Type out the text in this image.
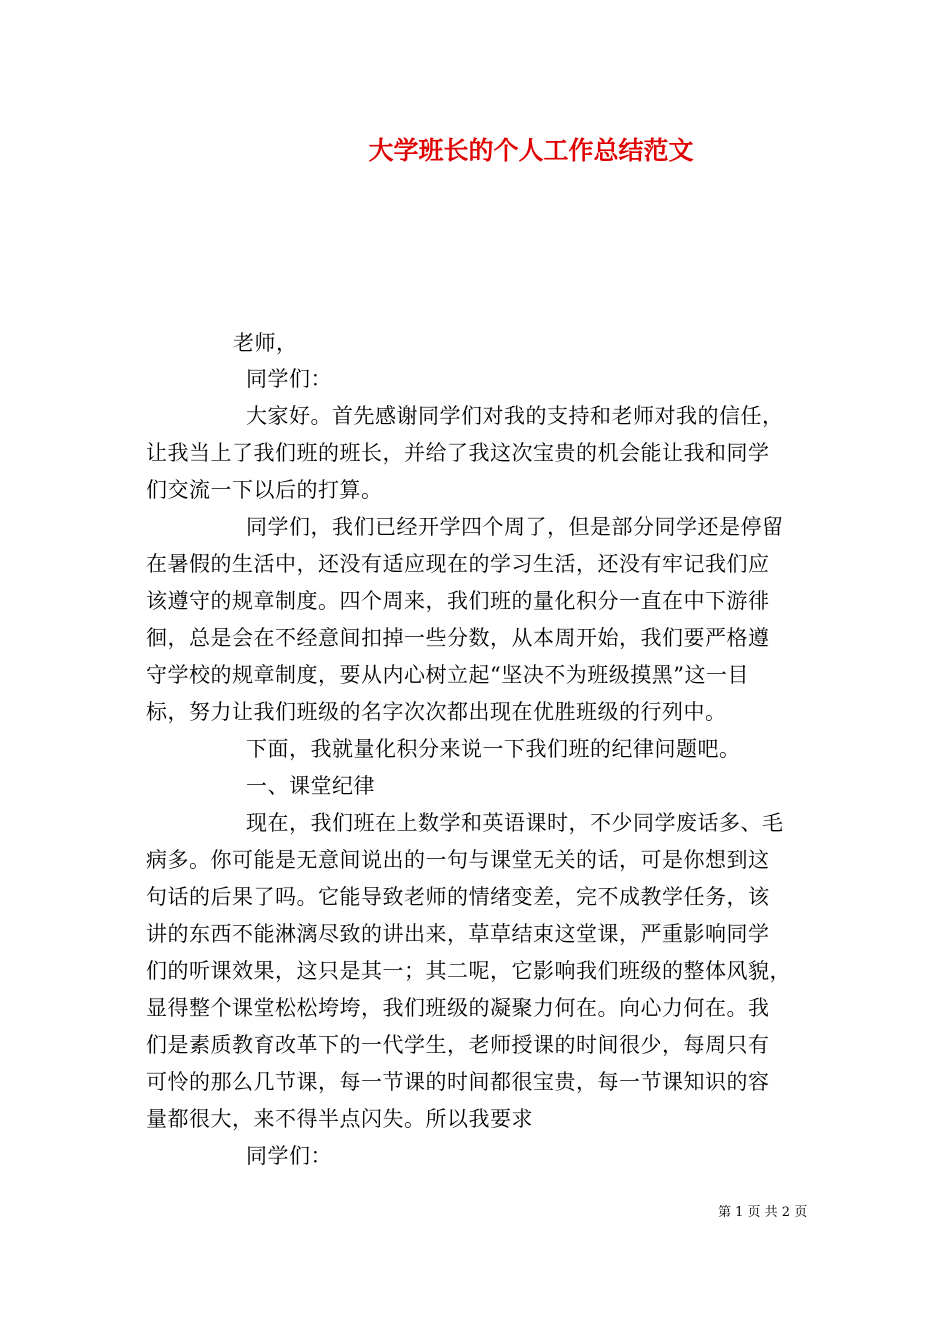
大学班长的个人工作总结范文
老师，
同学们：
大家好。首先感谢同学们对我的支持和老师对我的信任，
让我当上了我们班的班长，并给了我这次宝贵的机会能让我和同学
们交流一下以后的打算。
同学们，我们已经开学四个周了，但是部分同学还是停留
在暑假的生活中，还没有适应现在的学习生活，还没有牢记我们应
该遵守的规章制度。四个周来，我们班的量化积分一直在中下游徘
徊，总是会在不经意间扣掉一些分数，从本周开始，我们要严格遵
守学校的规章制度，要从内心树立起“坚决不为班级摸黑”这一目
标，努力让我们班级的名字次次都出现在优胜班级的行列中。
下面，我就量化积分来说一下我们班的纪律问题吧。
一、课堂纪律
现在，我们班在上数学和英语课时，不少同学废话多、毛
病多。你可能是无意间说出的一句与课堂无关的话，可是你想到这
句话的后果了吗。它能导致老师的情绪变差，完不成教学任务，该
讲的东西不能淋漓尽致的讲出来，草草结束这堂课，严重影响同学
们的听课效果，这只是其一；其二呢，它影响我们班级的整体风貌，
显得整个课堂松松垮垮，我们班级的凝聚力何在。向心力何在。我
们是素质教育改革下的一代学生，老师授课的时间很少，每周只有
可怜的那么几节课，每一节课的时间都很宝贵，每一节课知识的容
量都很大，来不得半点闪失。所以我要求
同学们：
第 1 页 共 2 页
